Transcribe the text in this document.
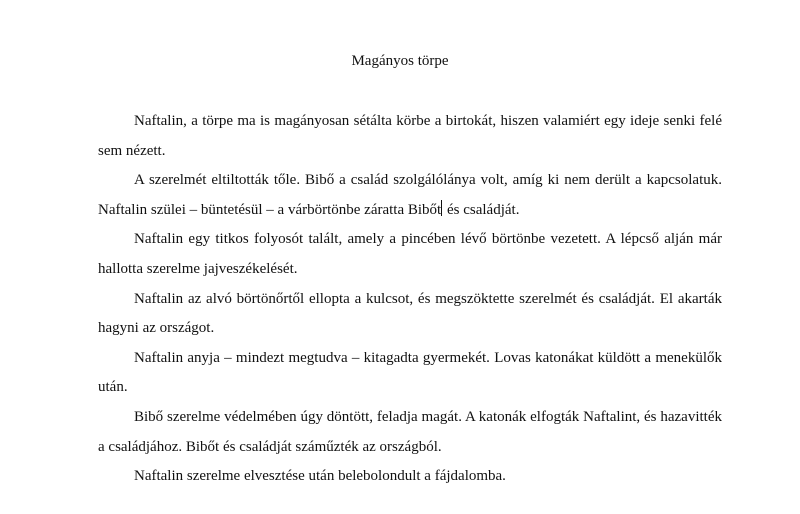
Magányos törpe

Naftalin, a törpe ma is magányosan sétálta körbe a birtokát, hiszen valamiért egy ideje senki felé sem nézett.

A szerelmét eltiltották tőle. Bibő a család szolgálólánya volt, amíg ki nem derült a kapcsolatuk. Naftalin szülei – büntetésül – a várbörtönbe záratta Bibőt és családját.

Naftalin egy titkos folyosót talált, amely a pincében lévő börtönbe vezetett. A lépcső alján már hallotta szerelme jajveszékelését.

Naftalin az alvó börtönőrtől ellopta a kulcsot, és megszöktette szerelmét és családját. El akarták hagyni az országot.

Naftalin anyja – mindezt megtudva – kitagadta gyermekét. Lovas katonákat küldött a menekülők után.

Bibő szerelme védelmében úgy döntött, feladja magát. A katonák elfogták Naftalint, és hazavitték a családjához. Bibőt és családját száműzték az országból.

Naftalin szerelme elvesztése után belebolondult a fájdalomba.
